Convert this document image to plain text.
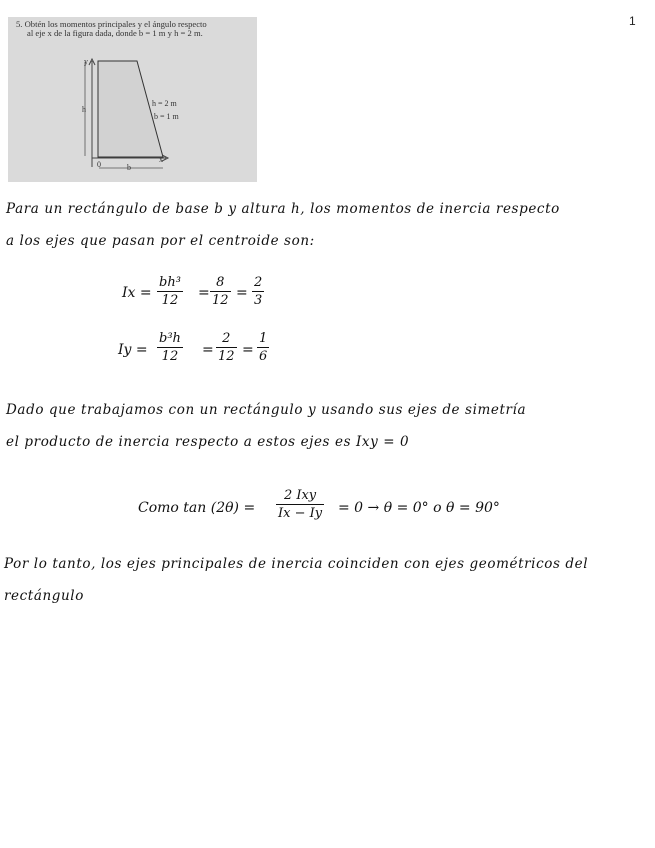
1
5. Obtén los momentos principales y el ángulo respecto
al eje x de la figura dada, donde b = 1 m y h = 2 m.
y
h
0	b
x
h = 2 m
b = 1 m
Para un rectángulo de base b y altura h, los momentos de inercia respecto
a los ejes que pasan por el centroide son:
Ix =
bh³
12	=
8
12 =
2
3
Iy =
b³h
12	=
2
12 =
1
6
Dado que trabajamos con un rectángulo y usando sus ejes de simetría
el producto de inercia respecto a estos ejes es Ixy = 0
Como tan (2θ) =
2 Ixy
Ix − Iy = 0 → θ = 0° o θ = 90°
Por lo tanto, los ejes principales de inercia coinciden con ejes geométricos del
rectángulo
